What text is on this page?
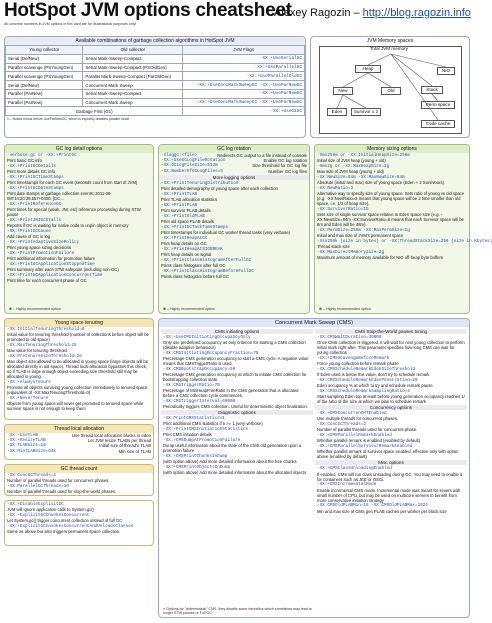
HotSpot JVM options cheatsheet
All concrete numbers in JVM options in this card are for illustrational purposes only!
Alexey Ragozin – http://blog.ragozin.info
Available combinations of garbage collection algorithms in HotSpot JVM
Young collector	Old collector	JVM Flags
Serial (DefNew)	Serial Mark-Sweep-Compact	-XX:+UseSerialGC
Parallel scavenge (PSYoungGen)	Serial Mark-Sweep-Compact (PSOldGen)	-XX:+UseParallelGC
Parallel scavenge (PSYoungGen)	Parallel Mark-Sweep-Compact (ParOldGen)	-XX:+UseParallelOldGC
Serial (DefNew)	Concurrent Mark Sweep	-XX:+UseConcMarkSweepGC -XX:-UseParNewGC
Parallel (ParNew)	Serial Mark-Sweep-Compact	-XX:+UseParNewGC
Parallel (ParNew)	Concurrent Mark Sweep	-XX:+UseConcMarkSweepGC -XX:+UseParNewGC
Garbage First (G1)		-XX:+UseG1GC
1 – Notice minus before UseParNewGC, which is explicitly disables parallel mode
JVM Memory spaces
Total JVM memory
Heap	NIO
New	Old
Eden	Survivor x 2
Stack
Perm space
Code cache
GC log detail options
-verbose:gc or -XX:+PrintGC
Print basic GC info
-XX:+PrintGCDetails
Print more details GC info
-XX:+PrintGCTimeStamps
Print timestamps for each GC event (seconds count from start of JVM)
-XX:+PrintGCDateStamps
Print date stamps at garbage collection events: 2011-09-08T14:20:29.557+0400: [GC...
-XX:+PrintReferenceGC
Print times for special (weak, JNI, etc) reference processing during STW pause
-XX:+PrintJNIGCStalls
Reports if GC is waiting for native code to unpin object in memory
-XX:+PrintGCCause
Add cause of GC in log
-XX:+PrintAdaptiveSizePolicy
Print young space sizing decisions
-XX:+PrintPromotionFailure
Print additional information for promotion failure
-XX:+PrintGCApplicationStoppedTime
Print summary after each STW safepoint (including non-GC)
-XX:+PrintGCApplicationConcurrentTime
Print time for each concurrent phase of GC
✱ – Highly recommended option
GC log rotation
-Xloggc:<file>	Redirects GC output to a file instead of console
-XX:+UseGCLogFileRotation	Enable GC log rotation
-XX:GCLogFileSize=512m	Size threshold for GC log file
-XX:NumberOfGCLogFiles=5	Number GC log files
More logging options
-XX:+PrintTenuringDistribution
Print detailed demography of young space after each collection
-XX:+PrintTLAB
Print TLAB allocation statistics
-XX:+PrintPLAB
Print survivor PLAB details
-XX:+PrintOldPLAB
Print old space PLAB details
-XX:+PrintGCTaskTimeStamps
Print timestamps for individual GC worker thread tasks (very verbose)
-XX:+PrintHeapAtGC
Print heap details on GC
-XX:+PrintHeapAtSIGBREAK
Print heap details on signal
-XX:+PrintClassHistogramAfterFullGC
Prints class histogram after full GC
-XX:+PrintClassHistogramBeforeFullGC
Prints class histogram before full GC
✱ – Highly recommended option
Memory sizing options
-Xms256m or -XX:InitialHeapSize=256m
Initial size of JVM heap (young + old)
-Xmx2g or -XX:MaxHeapSize=2g
Max size of JVM heap (young + old)
-XX:NewSize=64m -XX:MaxNewSize=64m
Absolute (initial and max) size of young space (Eden + 2 Survivours)
-XX:NewRatio=3
Alternative way to specify size of young space. Sets ratio of young vs old space (e.g. -XX:NewRatio=2 means that young space will be 2 time smaller than old space, i.e. 1/3 of heap size).
-XX:SurvivorRatio=15
Sets size of single survivor space relative to Eden space size (e.g. -XX:NewSize=64m -XX:SurvivorRatio=6 means that each Survivor space will be 8m and Eden will be 48m).
-XX:PermSize=256m -XX:MaxPermSize=1g
Initial and max size of JVM's permanent space
-Xss256k (size in bytes) or -XX:ThreadStackSize=256 (size in Kbytes)
Thread stack size
-XX:MaxDirectMemorySize=2g
Maximum amount of memory available for NIO off-heap byte buffers
✱ – Highly recommended option
Young space tenuring
-XX:InitialTenuringThreshold=8
Initial value for tenuring threshold (number of collections before object will be promoted to old space)
-XX:MaxTenuringThreshold=15
Max value for tenuring threshold
-XX:PretenureSizeThreshold=2m
Max object size allowed to be allocated in young space (large objects will be allocated directly in old space). Thread local allocation bypasses this check, so if TLAB is large enough object exceeding size threshold still may be allocated in young.
-XX:+AlwaysTenure
Promote all objects surviving young collection immediately to tenured space (equivalent of -XX:MaxTenuringThreshold=0)
-XX:+NeverTenure
Objects from young space will never get promoted to tenured space while survivor space is not enough to keep them
Thread local allocation
-XX:+UseTLAB	Use thread local allocation blocks in eden
-XX:+ResizeTLAB	Let JVM resize TLABs per thread
-XX:TLABSize=1m	Initial size of thread's TLAB
-XX:MinTLABSize=64k	Min size of TLAB
GC thread count
-XX:ConcGCThreads=2
Number of parallel threads used for concurrent phases.
-XX:ParallelGCThreads=16
Number of parallel threads used for stop-the-world phases.
-XX:+DisableExplicitGC
JVM will ignore application calls to System.gc()
-XX:+ExplicitGCInvokesConcurrent
Let System.gc() trigger concurrent collection instead of full GC
-XX:+ExplicitGCInvokesConcurrentAndUnloadsClasses
Same as above but also triggers permanent space collection.
Concurrent Mark Sweep (CMS)
CMS initiating options
-XX:+UseCMSInitiatingOccupancyOnly
Only use predefined occupancy as only criterion for starting a CMS collection (disable adaptive behaviour)
-XX:CMSInitiatingOccupancyFraction=70
Percentage CMS generation occupancy to start a CMS cycle. A negative value means that CMSTriggerRatio is used.
-XX:CMSBootstrapOccupancy=50
Percentage CMS generation occupancy at which to initiate CMS collection for bootstrapping collection stats.
-XX:CMSTriggerRatio=70
Percentage of MinHeapFreeRatio in the CMS generation that is allocated before a CMS collection cycle commences.
-XX:CMSTriggerInterval=60000
Periodically triggers CMS collection. Useful for deterministic object finalization.
Diagnostic options
-XX:PrintCMSStatistics=1
Print additional CMS statistics if n >= 1 (very verbose)
-XX:+PrintCMSInitiationStatistics
Print CMS initiation details
-XX:+CMSDumpAtPromotionFailure
Dump useful information about the state of the CMS old generation upon a promotion failure
-XX:+CMSPrintChunksInDump
(with option above) Add more detailed information about the free chunks
-XX:+CMSPrintObjectsInDump
(with option above) Add more detailed information about the allocated objects
CMS Stop-the-World pauses tuning
-XX:CMSWaitDuration=30000
Once CMS collection is triggered, it will wait for next young collection to perform initial mark right after. This parameter specifies how long CMS can wait for young collection
-XX:+CMSScavengeBeforeRemark
Force young collection before remark phase
-XX:CMSScheduleRemarkEdenSizeThreshold
If Eden used is below this value, don't try to schedule remark
-XX:CMSScheduleRemarkEdenPenetration=20
Eden occupancy % at which to try and schedule remark pause
-XX:CMSScheduleRemarkSamplingRatio=4
Start sampling Eden top at least before young generation occupancy reaches 1/ of the ratio of the size at which we plan to schedule remark
Concurrency options
-XX:+CMSConcurrentMTEnabled
Use multiple threads for concurrent phases.
-XX:ConcGCThreads=2
Number of parallel threads used for concurrent phase.
-XX:+CMSParallelRemarkEnabled
Whether parallel remark is enabled (enabled by default)
-XX:+CMSParallelSurvivorRemarkEnabled
Whether parallel remark of survivor space enabled, effective only with option above (enabled by default)
Misc options
-XX:+CMSClassUnloadingEnabled
If enabled, CMS will run class unloading during GC. You may need to enable it for containers such as JEE or OSGi.
-XX:+CMSIncrementalMode
Enable incremental CMS mode. Incremental mode was meant for severs with small number of CPU, but may be used on multicore servers to benefit from more conservative initiation strategy
-XX:CMSOldPLABMin=16 -XX:CMSOldPLABMax=1024
Min and max size of CMS gen PLAB caches per worker per block size
● Options for "deterministic" CMS, they disable some heuristics which sometimes may lead to longer STW pauses or Full GC
